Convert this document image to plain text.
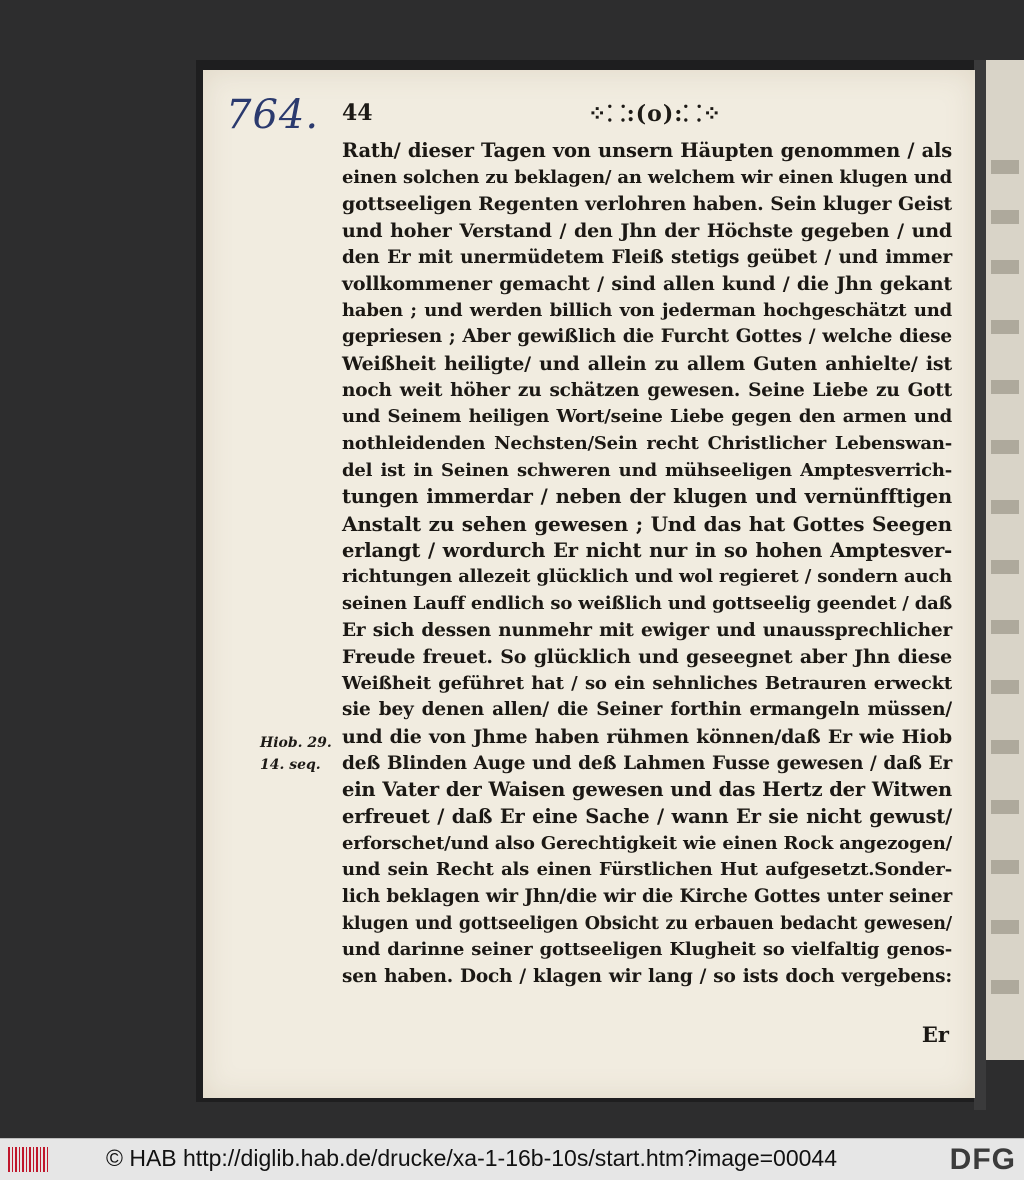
764. 44	⁘⸬:(o):⸬⁘
Hiob. 29.
14. seq.
Rath/ dieser Tagen von unsern Häupten genommen / als
einen solchen zu beklagen/ an welchem wir einen klugen und
gottseeligen Regenten verlohren haben. Sein kluger Geist
und hoher Verstand / den Jhn der Höchste gegeben / und
den Er mit unermüdetem Fleiß stetigs geübet / und immer
vollkommener gemacht / sind allen kund / die Jhn gekant
haben ; und werden billich von jederman hochgeschätzt und
gepriesen ; Aber gewißlich die Furcht Gottes / welche diese
Weißheit heiligte/ und allein zu allem Guten anhielte/ ist
noch weit höher zu schätzen gewesen. Seine Liebe zu Gott
und Seinem heiligen Wort/seine Liebe gegen den armen und
nothleidenden Nechsten/Sein recht Christlicher Lebenswan-
del ist in Seinen schweren und mühseeligen Amptesverrich-
tungen immerdar / neben der klugen und vernünfftigen
Anstalt zu sehen gewesen ; Und das hat Gottes Seegen
erlangt / wordurch Er nicht nur in so hohen Amptesver-
richtungen allezeit glücklich und wol regieret / sondern auch
seinen Lauff endlich so weißlich und gottseelig geendet / daß
Er sich dessen nunmehr mit ewiger und unaussprechlicher
Freude freuet. So glücklich und geseegnet aber Jhn diese
Weißheit geführet hat / so ein sehnliches Betrauren erweckt
sie bey denen allen/ die Seiner forthin ermangeln müssen/
und die von Jhme haben rühmen können/daß Er wie Hiob
deß Blinden Auge und deß Lahmen Fusse gewesen / daß Er
ein Vater der Waisen gewesen und das Hertz der Witwen
erfreuet / daß Er eine Sache / wann Er sie nicht gewust/
erforschet/und also Gerechtigkeit wie einen Rock angezogen/
und sein Recht als einen Fürstlichen Hut aufgesetzt.Sonder-
lich beklagen wir Jhn/die wir die Kirche Gottes unter seiner
klugen und gottseeligen Obsicht zu erbauen bedacht gewesen/
und darinne seiner gottseeligen Klugheit so vielfaltig genos-
sen haben. Doch / klagen wir lang / so ists doch vergebens:
Er
© HAB http://diglib.hab.de/drucke/xa-1-16b-10s/start.htm?image=00044	DFG
